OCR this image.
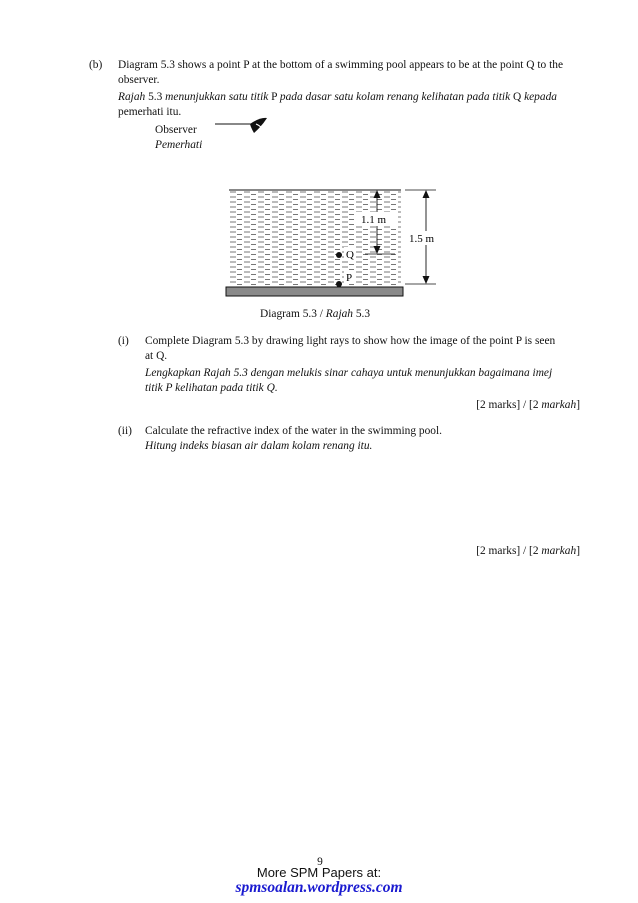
(b)	Diagram 5.3 shows a point P at the bottom of a swimming pool appears to be at the point Q to the
observer.
Rajah 5.3 menunjukkan satu titik P pada dasar satu kolam renang kelihatan pada titik Q kepada
pemerhati itu.
Observer
Pemerhati
1.1 m
1.5 m
Q
P
Diagram 5.3 / Rajah 5.3
(i)	Complete Diagram 5.3 by drawing light rays to show how the image of the point P is seen
at Q.
Lengkapkan Rajah 5.3 dengan melukis sinar cahaya untuk menunjukkan bagaimana imej
titik P kelihatan pada titik Q.
[2 marks] / [2 markah]
(ii)	Calculate the refractive index of the water in the swimming pool.
Hitung indeks biasan air dalam kolam renang itu.
[2 marks] / [2 markah]
9
More SPM Papers at:
spmsoalan.wordpress.com
